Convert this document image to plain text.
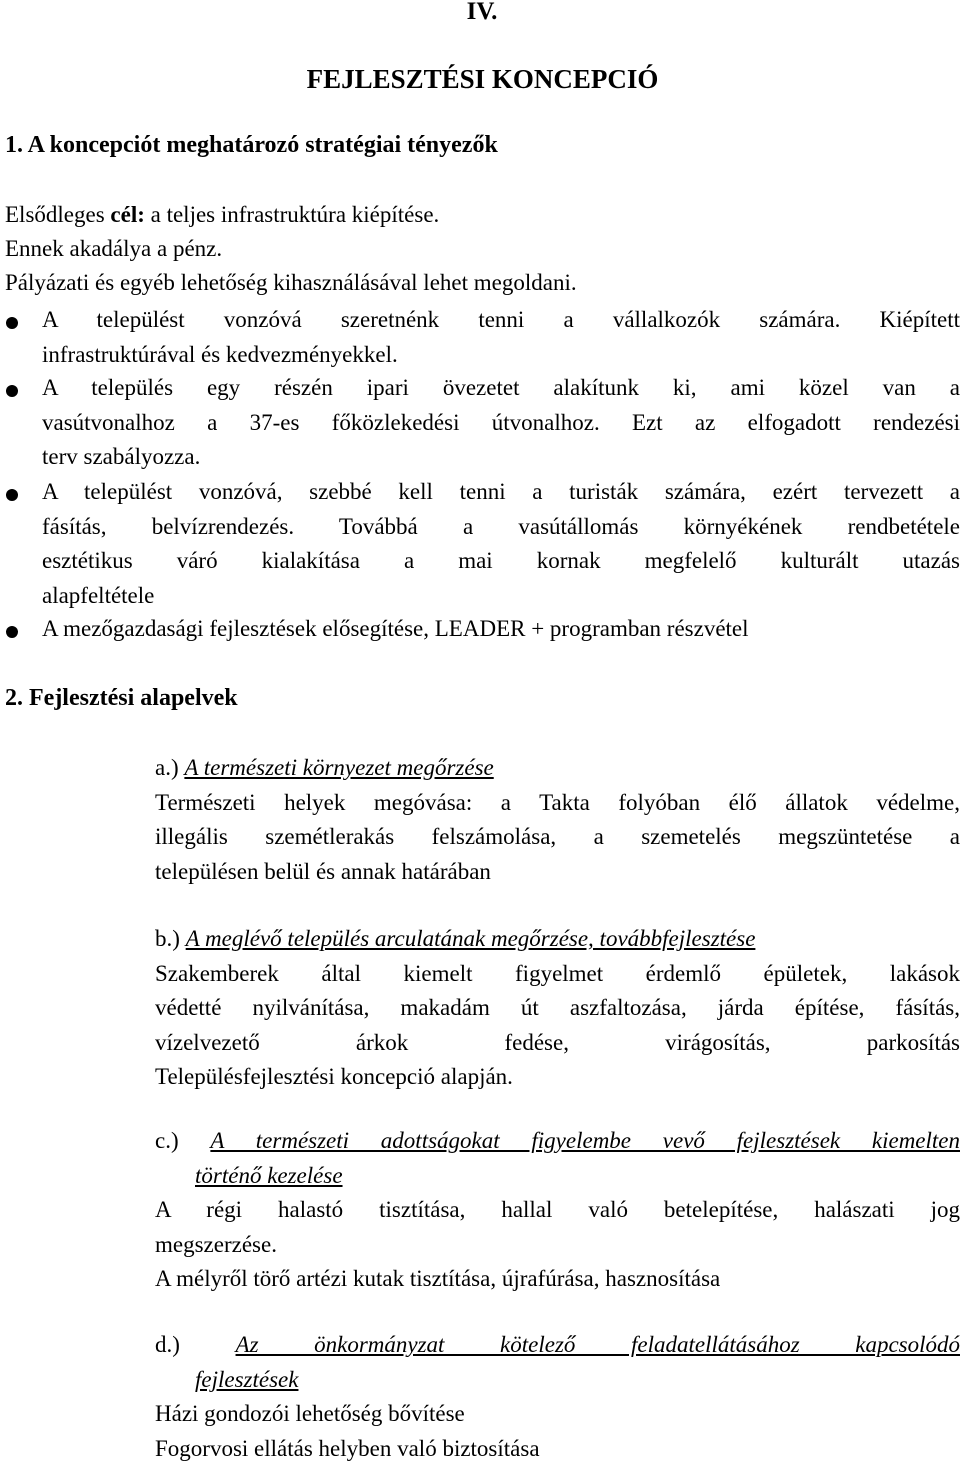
IV.
FEJLESZTÉSI KONCEPCIÓ
1. A koncepciót meghatározó stratégiai tényezők
Elsődleges cél: a teljes infrastruktúra kiépítése.
Ennek akadálya a pénz.
Pályázati és egyéb lehetőség kihasználásával lehet megoldani.
A települést vonzóvá szeretnénk tenni a vállalkozók számára. Kiépített
infrastruktúrával és kedvezményekkel.
A település egy részén ipari övezetet alakítunk ki, ami közel van a
vasútvonalhoz a 37-es főközlekedési útvonalhoz. Ezt az elfogadott rendezési
terv szabályozza.
A települést vonzóvá, szebbé kell tenni a turisták számára, ezért tervezett a
fásítás, belvízrendezés. Továbbá a vasútállomás környékének rendbetétele
esztétikus váró kialakítása a mai kornak megfelelő kulturált utazás
alapfeltétele
A mezőgazdasági fejlesztések elősegítése, LEADER + programban részvétel
2. Fejlesztési alapelvek
a.) A természeti környezet megőrzése
Természeti helyek megóvása: a Takta folyóban élő állatok védelme,
illegális szemétlerakás felszámolása, a szemetelés megszüntetése a
településen belül és annak határában
b.) A meglévő település arculatának megőrzése, továbbfejlesztése
Szakemberek által kiemelt figyelmet érdemlő épületek, lakások
védetté nyilvánítása, makadám út aszfaltozása, járda építése, fásítás,
vízelvezető árkok fedése, virágosítás, parkosítás
Településfejlesztési koncepció alapján.
c.) A természeti adottságokat figyelembe vevő fejlesztések kiemelten
történő kezelése
A régi halastó tisztítása, hallal való betelepítése, halászati jog
megszerzése.
A mélyről törő artézi kutak tisztítása, újrafúrása, hasznosítása
d.) Az önkormányzat kötelező feladatellátásához kapcsolódó
fejlesztések
Házi gondozói lehetőség bővítése
Fogorvosi ellátás helyben való biztosítása
